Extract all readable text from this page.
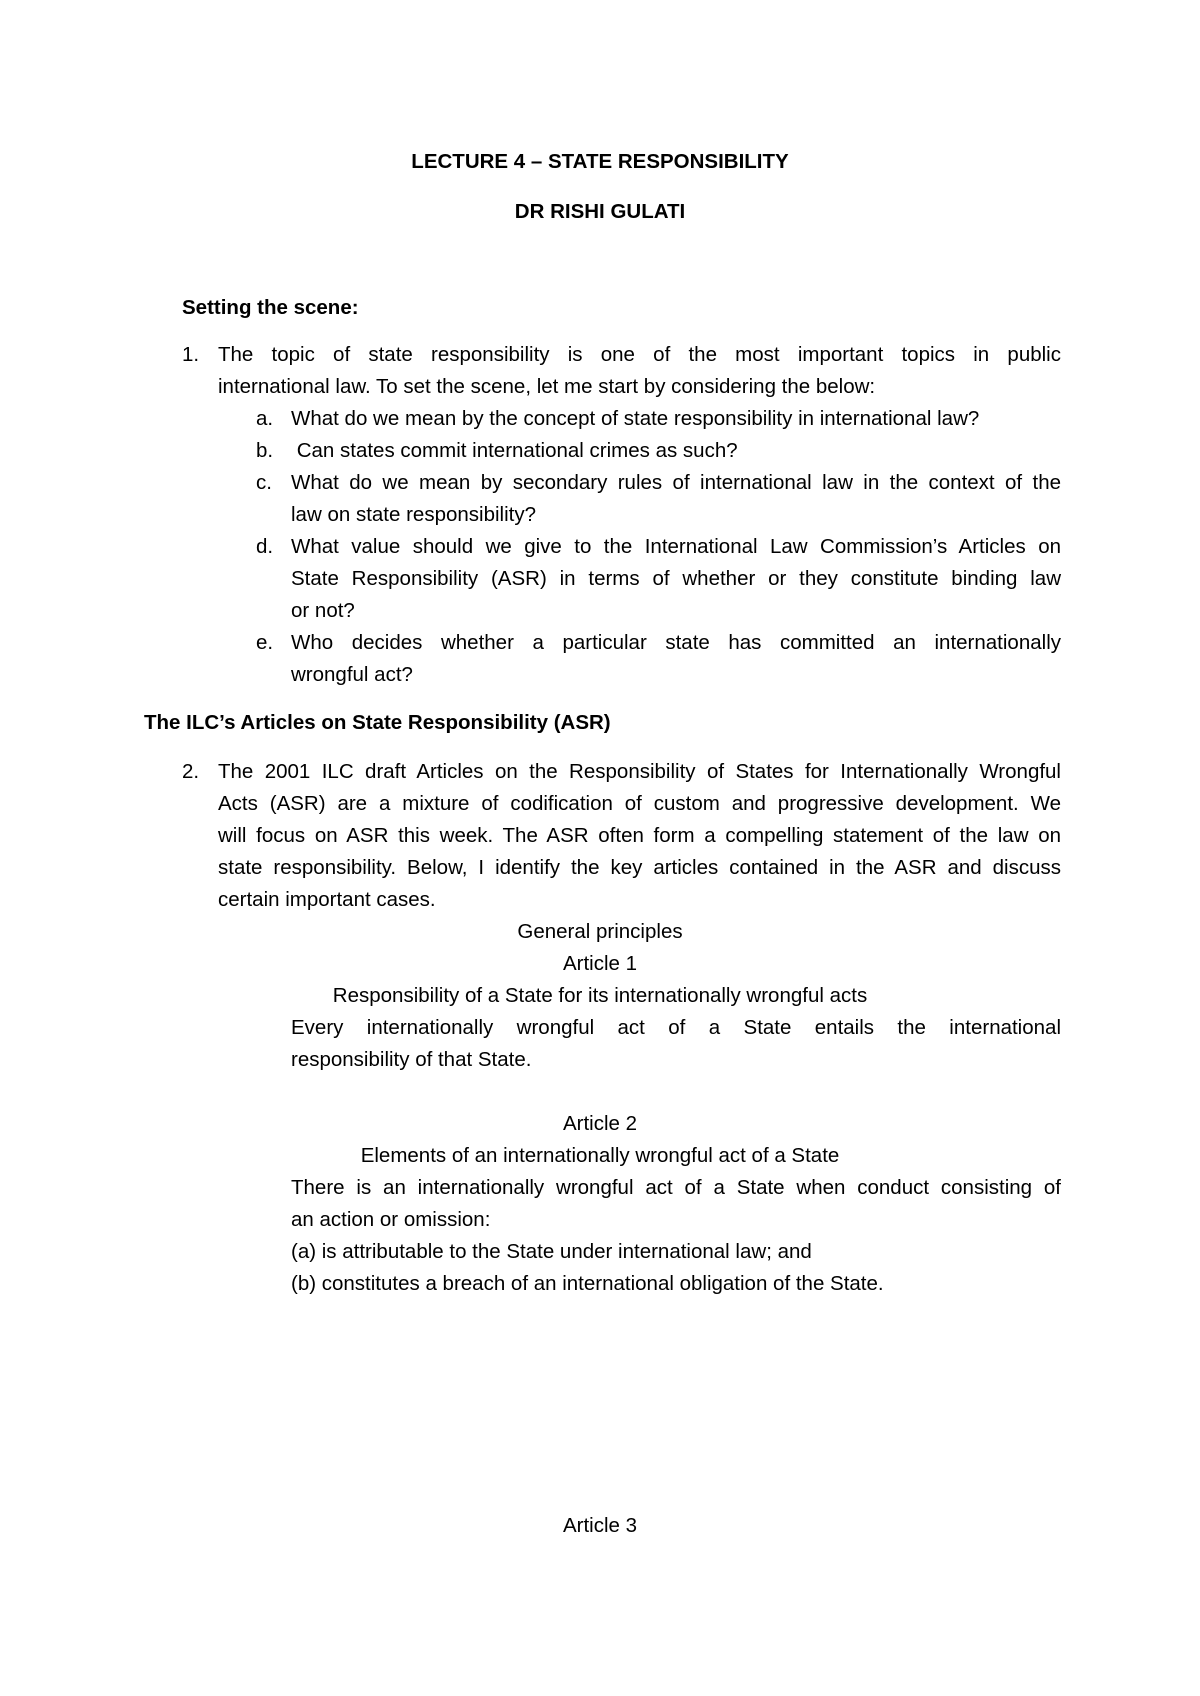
LECTURE 4 – STATE RESPONSIBILITY
DR RISHI GULATI
Setting the scene:
1. The topic of state responsibility is one of the most important topics in public
international law. To set the scene, let me start by considering the below:
a. What do we mean by the concept of state responsibility in international law?
b. Can states commit international crimes as such?
c. What do we mean by secondary rules of international law in the context of the
law on state responsibility?
d. What value should we give to the International Law Commission’s Articles on
State Responsibility (ASR) in terms of whether or they constitute binding law
or not?
e. Who decides whether a particular state has committed an internationally
wrongful act?
The ILC’s Articles on State Responsibility (ASR)
2. The 2001 ILC draft Articles on the Responsibility of States for Internationally Wrongful
Acts (ASR) are a mixture of codification of custom and progressive development. We
will focus on ASR this week. The ASR often form a compelling statement of the law on
state responsibility. Below, I identify the key articles contained in the ASR and discuss
certain important cases.
General principles
Article 1
Responsibility of a State for its internationally wrongful acts
Every internationally wrongful act of a State entails the international
responsibility of that State.
Article 2
Elements of an internationally wrongful act of a State
There is an internationally wrongful act of a State when conduct consisting of
an action or omission:
(a) is attributable to the State under international law; and
(b) constitutes a breach of an international obligation of the State.
Article 3
